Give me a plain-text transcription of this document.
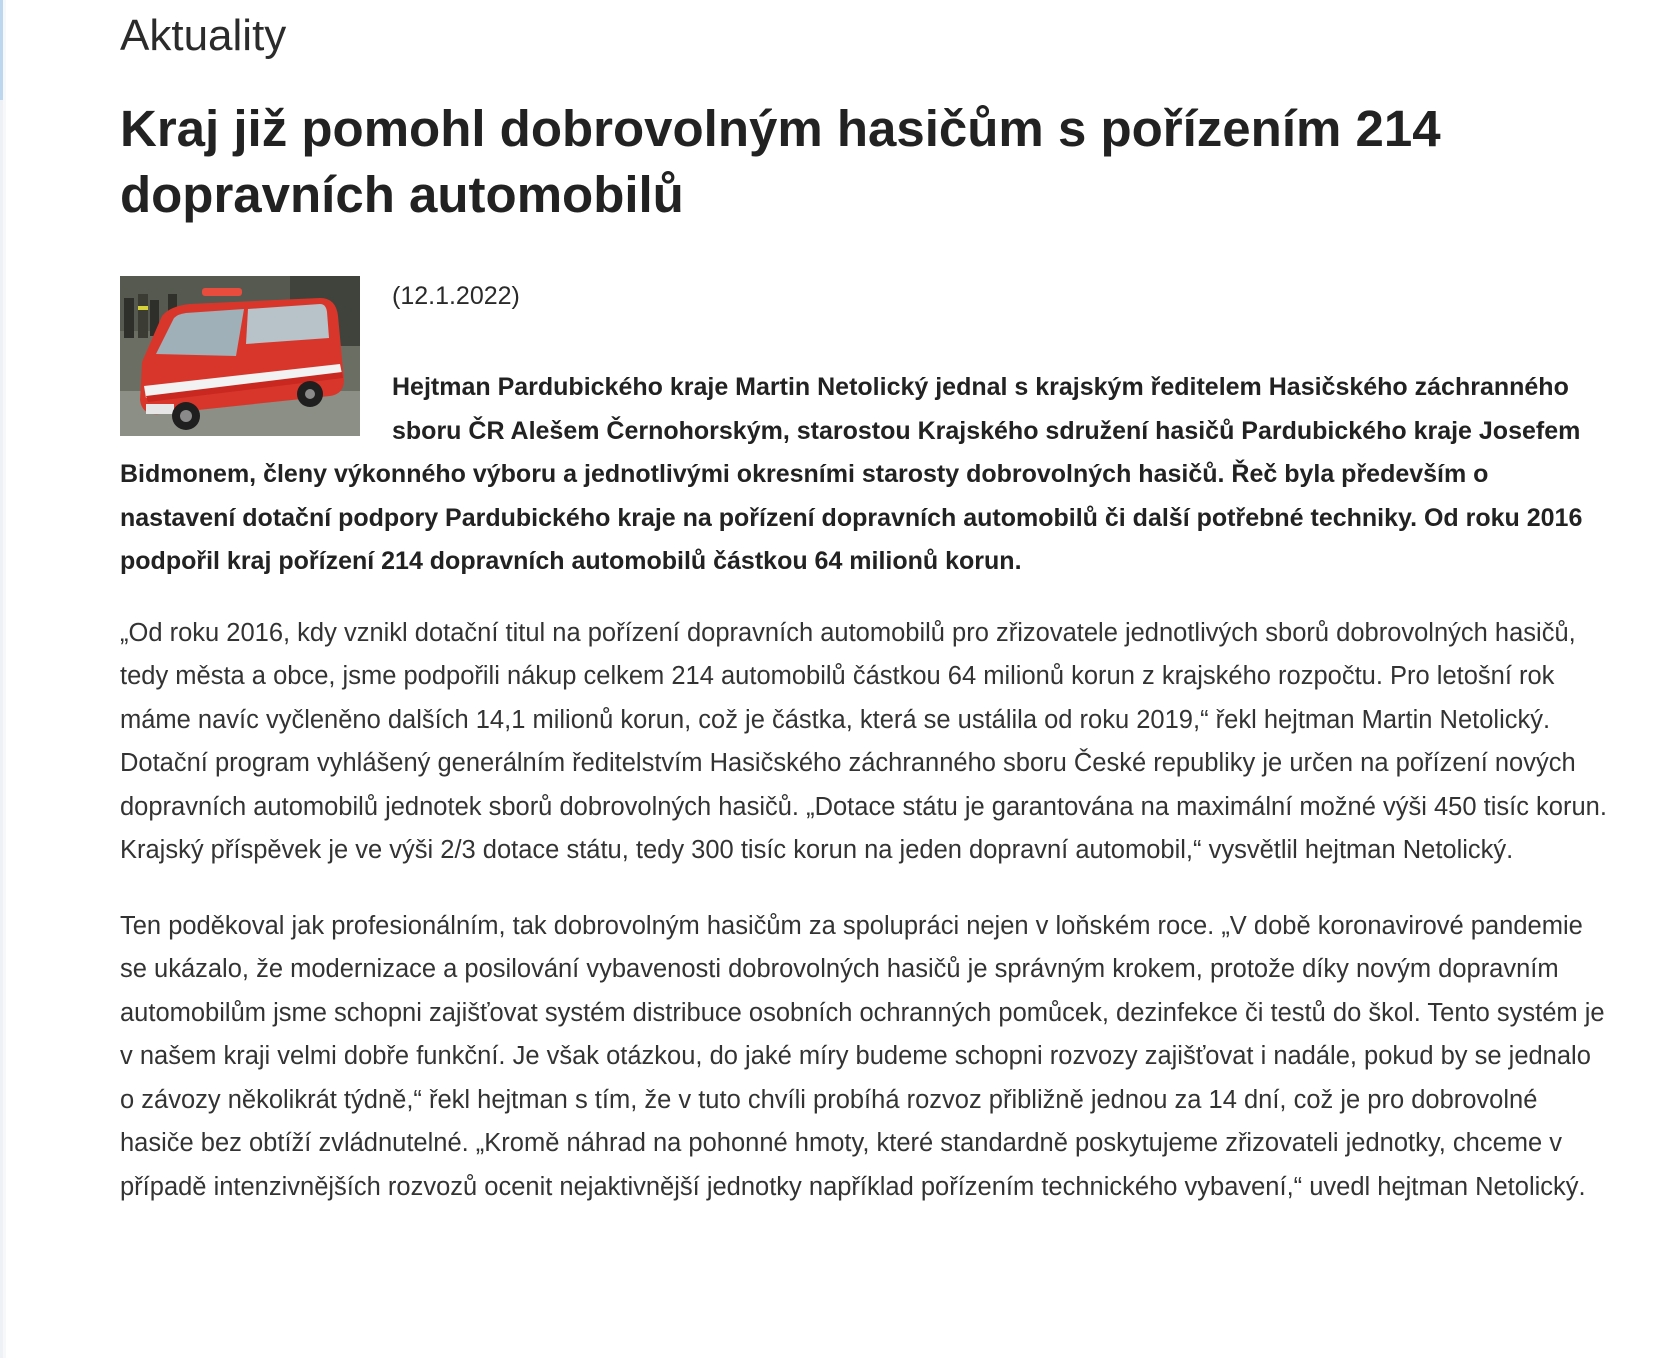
Aktuality
Kraj již pomohl dobrovolným hasičům s pořízením 214 dopravních automobilů

(12.1.2022)

Hejtman Pardubického kraje Martin Netolický jednal s krajským ředitelem Hasičského záchranného sboru ČR Alešem Černohorským, starostou Krajského sdružení hasičů Pardubického kraje Josefem Bidmonem, členy výkonného výboru a jednotlivými okresními starosty dobrovolných hasičů. Řeč byla především o nastavení dotační podpory Pardubického kraje na pořízení dopravních automobilů či další potřebné techniky. Od roku 2016 podpořil kraj pořízení 214 dopravních automobilů částkou 64 milionů korun.

„Od roku 2016, kdy vznikl dotační titul na pořízení dopravních automobilů pro zřizovatele jednotlivých sborů dobrovolných hasičů, tedy města a obce, jsme podpořili nákup celkem 214 automobilů částkou 64 milionů korun z krajského rozpočtu. Pro letošní rok máme navíc vyčleněno dalších 14,1 milionů korun, což je částka, která se ustálila od roku 2019,“ řekl hejtman Martin Netolický. Dotační program vyhlášený generálním ředitelstvím Hasičského záchranného sboru České republiky je určen na pořízení nových dopravních automobilů jednotek sborů dobrovolných hasičů. „Dotace státu je garantována na maximální možné výši 450 tisíc korun. Krajský příspěvek je ve výši 2/3 dotace státu, tedy 300 tisíc korun na jeden dopravní automobil,“ vysvětlil hejtman Netolický.

Ten poděkoval jak profesionálním, tak dobrovolným hasičům za spolupráci nejen v loňském roce. „V době koronavirové pandemie se ukázalo, že modernizace a posilování vybavenosti dobrovolných hasičů je správným krokem, protože díky novým dopravním automobilům jsme schopni zajišťovat systém distribuce osobních ochranných pomůcek, dezinfekce či testů do škol. Tento systém je v našem kraji velmi dobře funkční. Je však otázkou, do jaké míry budeme schopni rozvozy zajišťovat i nadále, pokud by se jednalo o závozy několikrát týdně,“ řekl hejtman s tím, že v tuto chvíli probíhá rozvoz přibližně jednou za 14 dní, což je pro dobrovolné hasiče bez obtíží zvládnutelné. „Kromě náhrad na pohonné hmoty, které standardně poskytujeme zřizovateli jednotky, chceme v případě intenzivnějších rozvozů ocenit nejaktivnější jednotky například pořízením technického vybavení,“ uvedl hejtman Netolický.
